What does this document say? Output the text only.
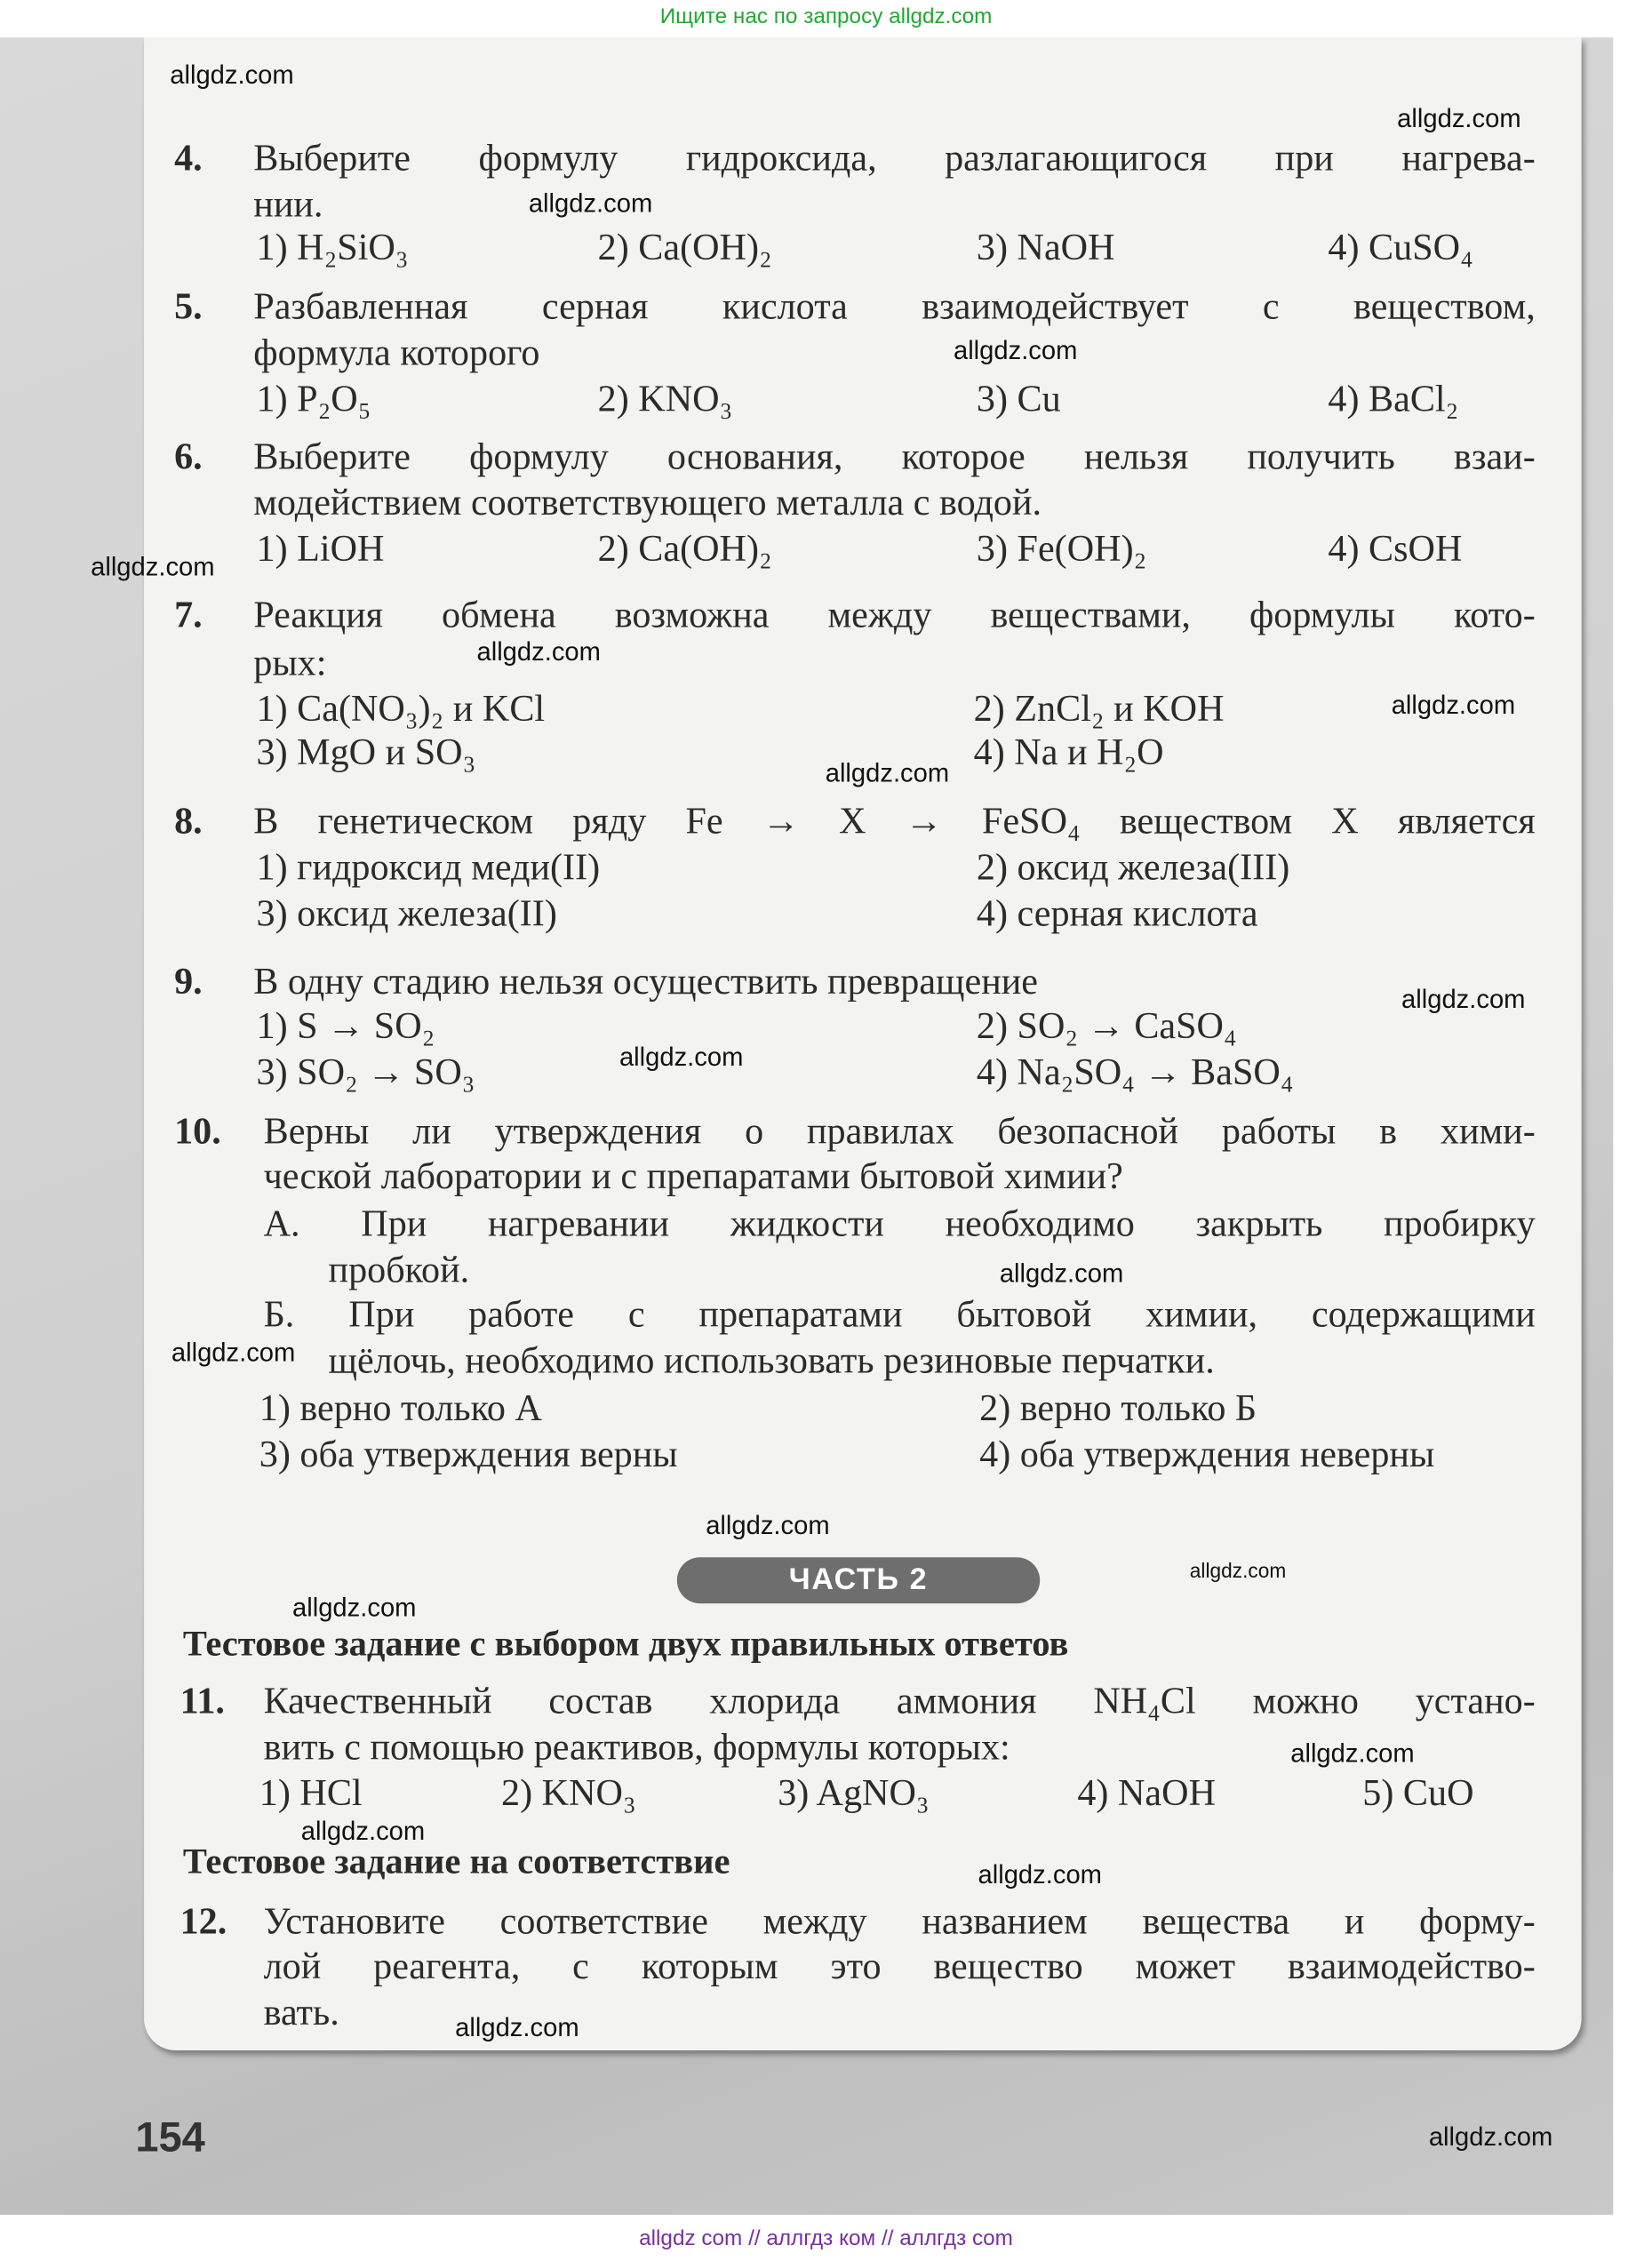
Ищите нас по запросу allgdz.com
4. Выберите формулу гидроксида, разлагающигося при нагрева-
нии.
1) H₂SiO₃	2) Ca(OH)₂	3) NaOH	4) CuSO₄
5. Разбавленная серная кислота взаимодействует с веществом,
формула которого
1) P₂O₅	2) KNO₃	3) Cu	4) BaCl₂
6. Выберите формулу основания, которое нельзя получить взаи-
модействием соответствующего металла с водой.
1) LiOH	2) Ca(OH)₂	3) Fe(OH)₂	4) CsOH
7. Реакция обмена возможна между веществами, формулы кото-
рых:
1) Ca(NO₃)₂ и KCl	2) ZnCl₂ и KOH
3) MgO и SO₃	4) Na и H₂O
8. В генетическом ряду Fe → X → FeSO₄ веществом X является
1) гидроксид меди(II)	2) оксид железа(III)
3) оксид железа(II)	4) серная кислота
9. В одну стадию нельзя осуществить превращение
1) S → SO₂	2) SO₂ → CaSO₄
3) SO₂ → SO₃	4) Na₂SO₄ → BaSO₄
10. Верны ли утверждения о правилах безопасной работы в хими-
ческой лаборатории и с препаратами бытовой химии?
А. При нагревании жидкости необходимо закрыть пробирку
пробкой.
Б. При работе с препаратами бытовой химии, содержащими
щёлочь, необходимо использовать резиновые перчатки.
1) верно только А	2) верно только Б
3) оба утверждения верны	4) оба утверждения неверны
ЧАСТЬ 2
Тестовое задание с выбором двух правильных ответов
11. Качественный состав хлорида аммония NH₄Cl можно устано-
вить с помощью реактивов, формулы которых:
1) HCl	2) KNO₃	3) AgNO₃	4) NaOH	5) CuO
Тестовое задание на соответствие
12. Установите соответствие между названием вещества и форму-
лой реагента, с которым это вещество может взаимодейство-
вать.
154
allgdz.com
allgdz.com
allgdz.com
allgdz.com
allgdz.com
allgdz.com
allgdz.com
allgdz.com
allgdz.com
allgdz.com
allgdz.com
allgdz.com
allgdz.com
allgdz.com
allgdz.com
allgdz.com
allgdz.com
allgdz.com
allgdz.com
allgdz.com
allgdz com // аллгдз ком // аллгдз com
